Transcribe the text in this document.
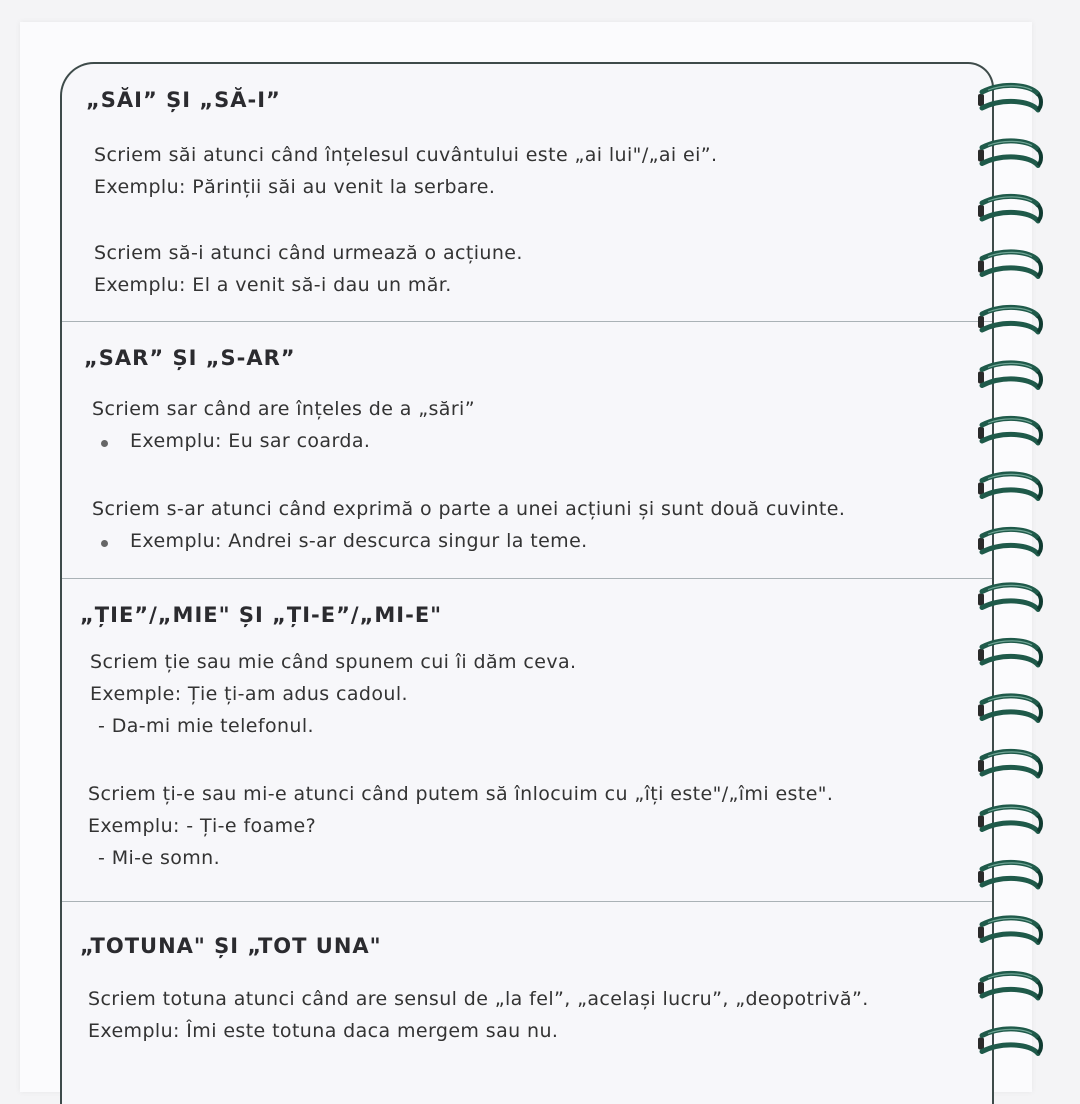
„SĂI” ȘI „SĂ-I”
Scriem săi atunci când înțelesul cuvântului este „ai lui"/„ai ei”.
Exemplu: Părinții săi au venit la serbare.
Scriem să-i atunci când urmează o acțiune.
Exemplu: El a venit să-i dau un măr.
„SAR” ȘI „S-AR”
Scriem sar când are înțeles de a „sări”
Exemplu: Eu sar coarda.
Scriem s-ar atunci când exprimă o parte a unei acțiuni și sunt două cuvinte.
Exemplu: Andrei s-ar descurca singur la teme.
„ȚIE”/„MIE" ȘI „ȚI-E”/„MI-E"
Scriem ție sau mie când spunem cui îi dăm ceva.
Exemple: Ție ți-am adus cadoul.
- Da-mi mie telefonul.
Scriem ți-e sau mi-e atunci când putem să înlocuim cu „îți este"/„îmi este".
Exemplu: - Ți-e foame?
- Mi-e somn.
„TOTUNA" ȘI „TOT UNA"
Scriem totuna atunci când are sensul de „la fel”, „același lucru”, „deopotrivă”.
Exemplu: Îmi este totuna daca mergem sau nu.
